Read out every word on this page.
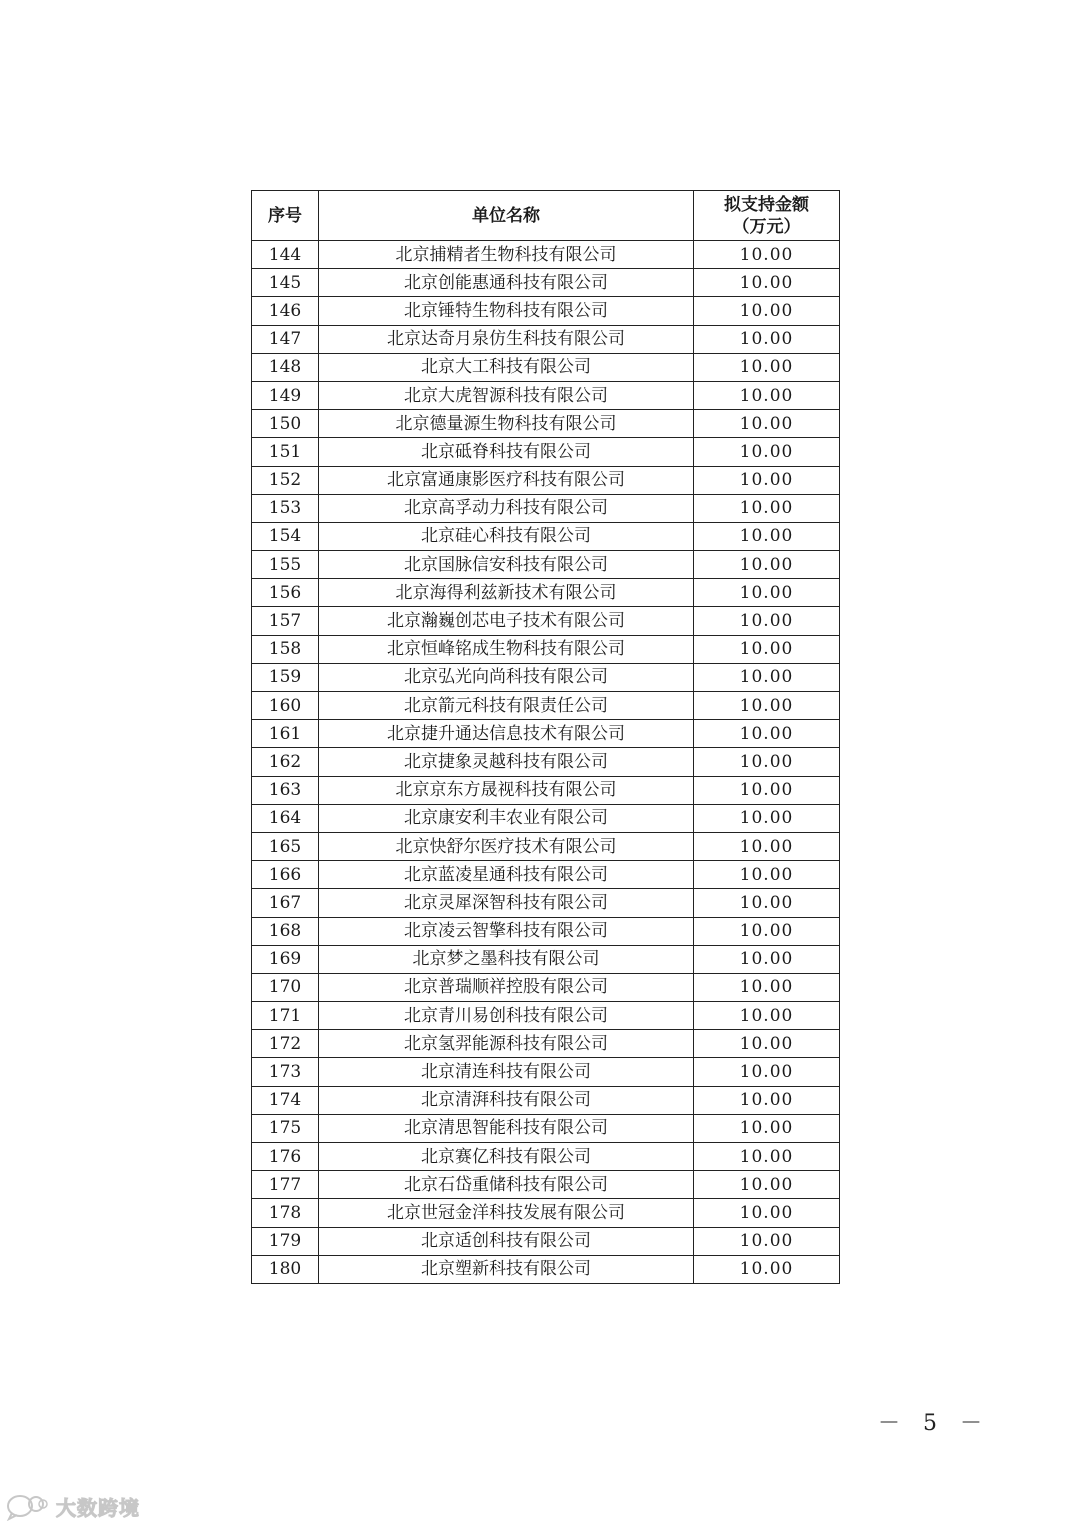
序号	单位名称	拟支持金额
（万元）

144	北京捕精者生物科技有限公司	10.00
145	北京创能惠通科技有限公司	10.00
146	北京锤特生物科技有限公司	10.00
147	北京达奇月泉仿生科技有限公司	10.00
148	北京大工科技有限公司	10.00
149	北京大虎智源科技有限公司	10.00
150	北京德量源生物科技有限公司	10.00
151	北京砥脊科技有限公司	10.00
152	北京富通康影医疗科技有限公司	10.00
153	北京高孚动力科技有限公司	10.00
154	北京硅心科技有限公司	10.00
155	北京国脉信安科技有限公司	10.00
156	北京海得利兹新技术有限公司	10.00
157	北京瀚巍创芯电子技术有限公司	10.00
158	北京恒峰铭成生物科技有限公司	10.00
159	北京弘光向尚科技有限公司	10.00
160	北京箭元科技有限责任公司	10.00
161	北京捷升通达信息技术有限公司	10.00
162	北京捷象灵越科技有限公司	10.00
163	北京京东方晟视科技有限公司	10.00
164	北京康安利丰农业有限公司	10.00
165	北京快舒尔医疗技术有限公司	10.00
166	北京蓝凌星通科技有限公司	10.00
167	北京灵犀深智科技有限公司	10.00
168	北京凌云智擎科技有限公司	10.00
169	北京梦之墨科技有限公司	10.00
170	北京普瑞顺祥控股有限公司	10.00
171	北京青川易创科技有限公司	10.00
172	北京氢羿能源科技有限公司	10.00
173	北京清连科技有限公司	10.00
174	北京清湃科技有限公司	10.00
175	北京清思智能科技有限公司	10.00
176	北京赛亿科技有限公司	10.00
177	北京石岱重储科技有限公司	10.00
178	北京世冠金洋科技发展有限公司	10.00
179	北京适创科技有限公司	10.00
180	北京塑新科技有限公司	10.00
－ 5 －
大数跨境
